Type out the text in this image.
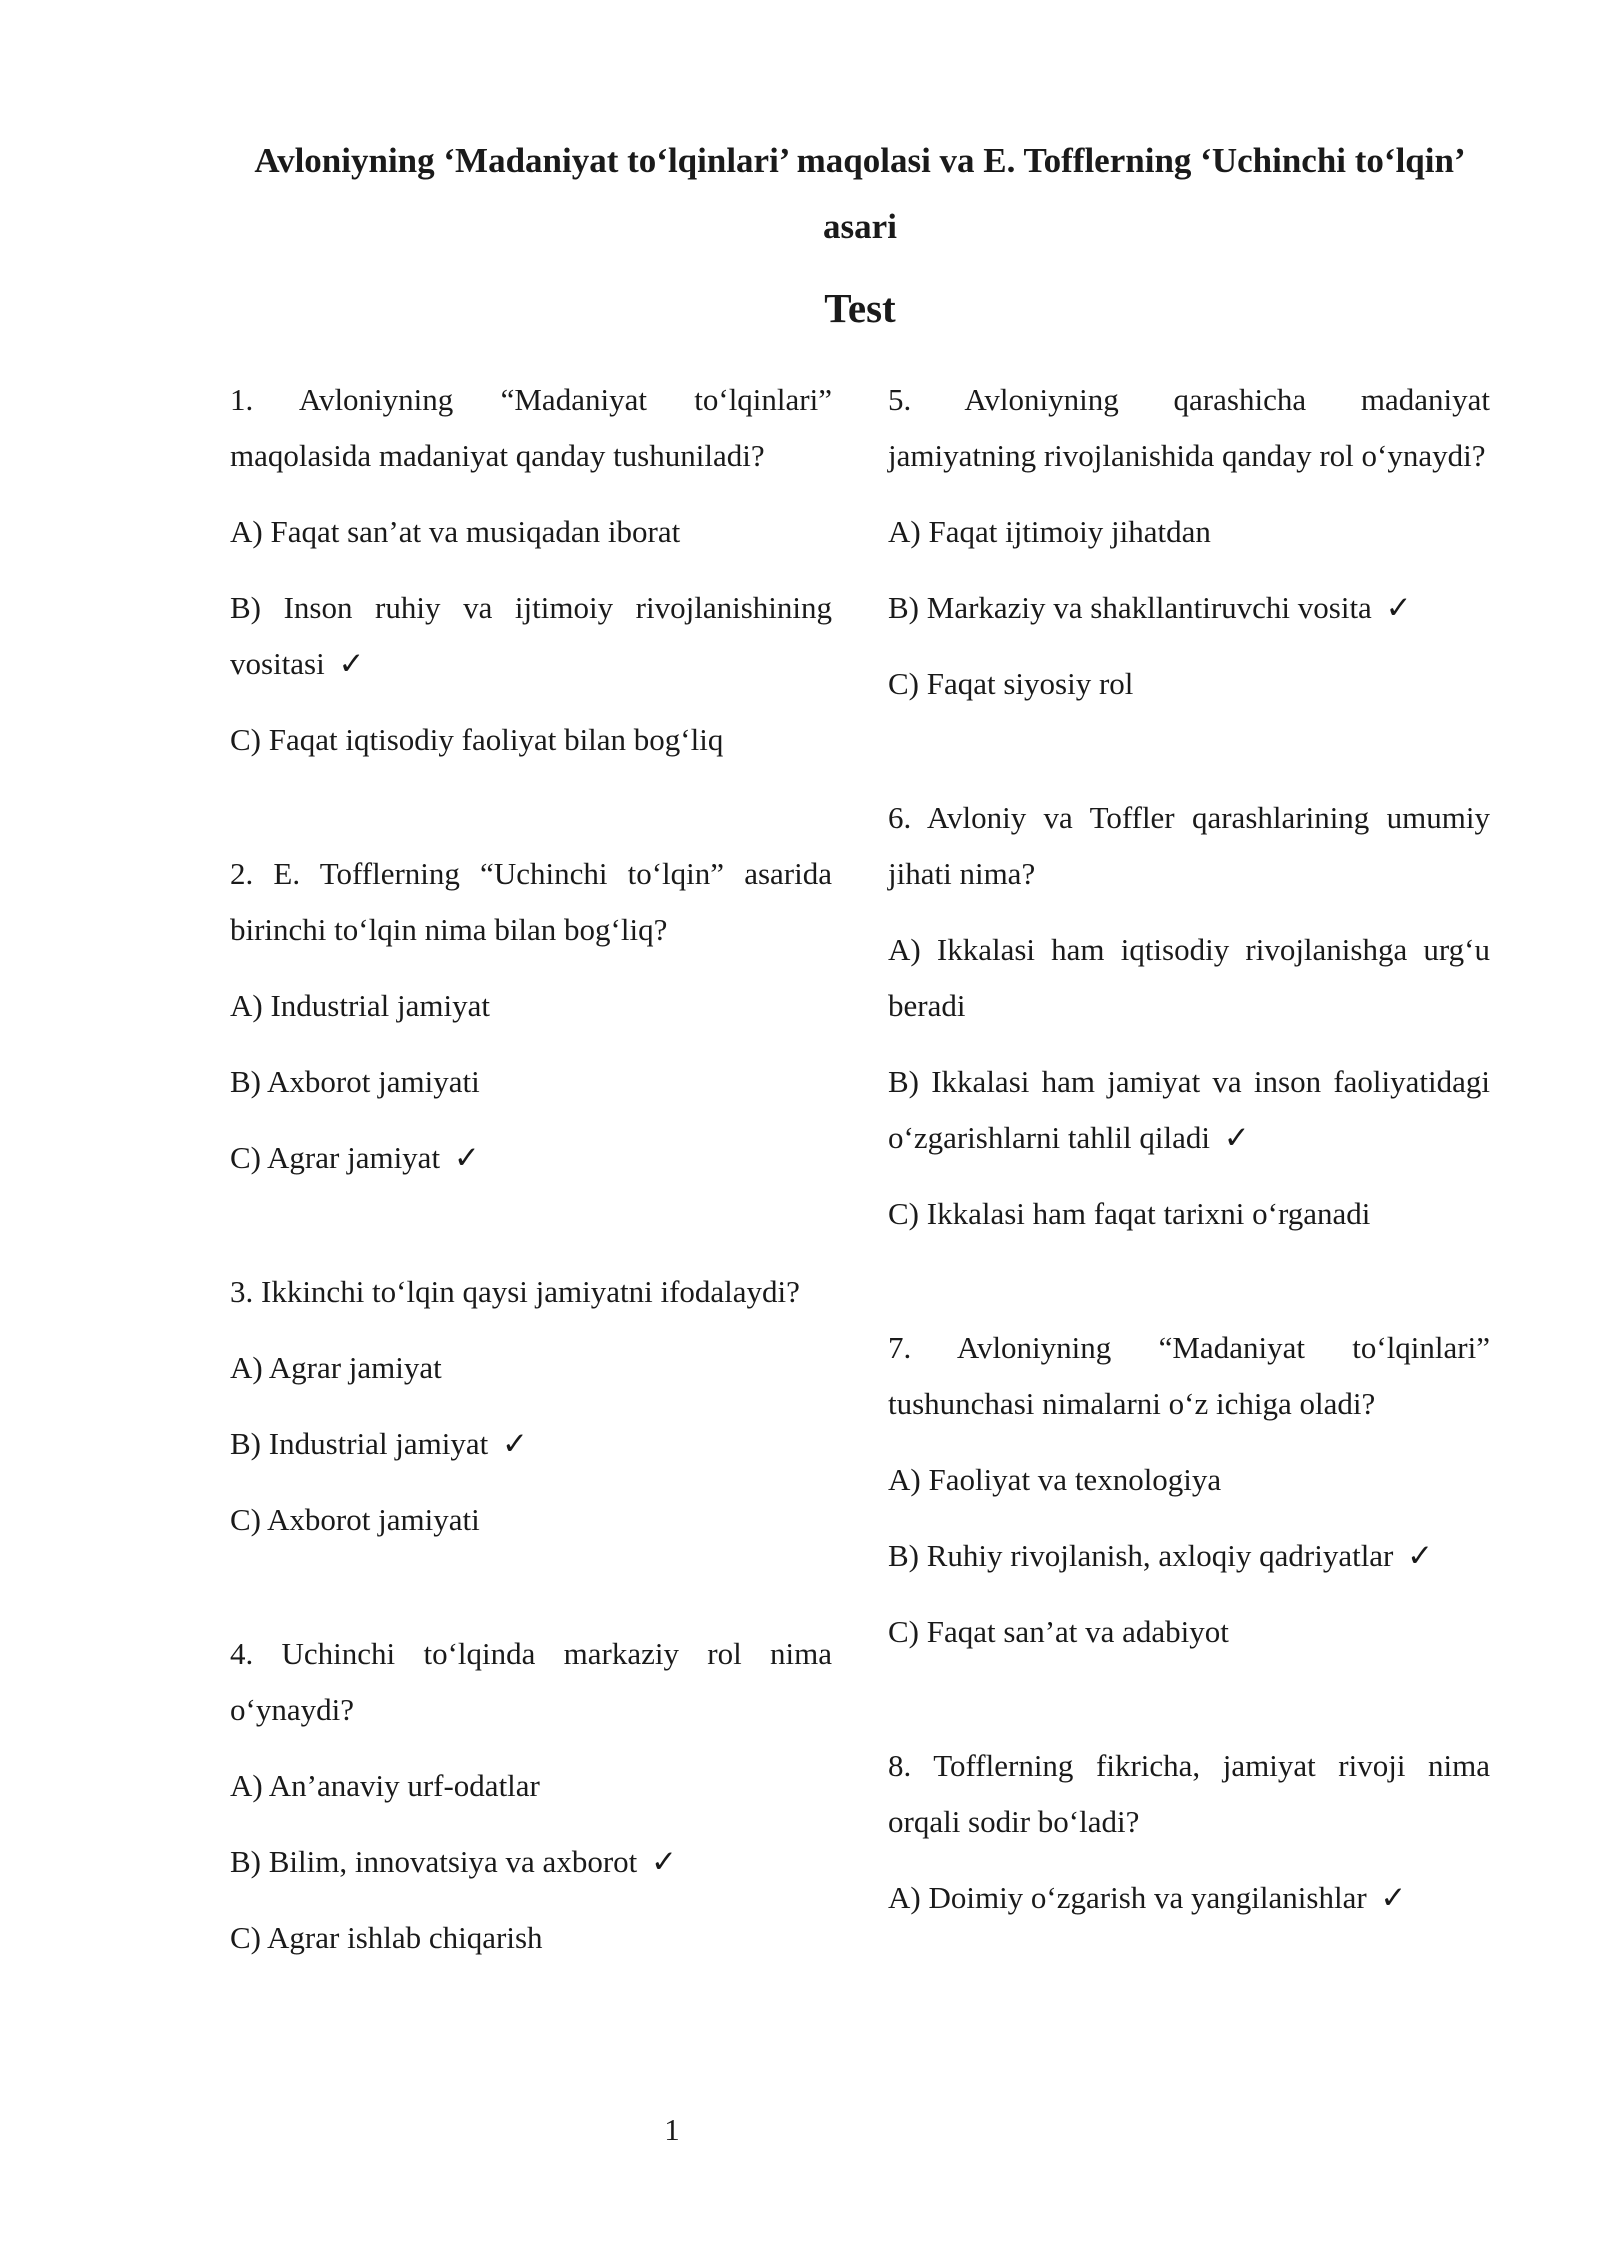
Avloniyning ‘Madaniyat to‘lqinlari’ maqolasi va E. Tofflerning ‘Uchinchi to‘lqin’ asari
Test

1. Avloniyning “Madaniyat to‘lqinlari” maqolasida madaniyat qanday tushuniladi?

A) Faqat san’at va musiqadan iborat

B) Inson ruhiy va ijtimoiy rivojlanishining vositasi ✓

C) Faqat iqtisodiy faoliyat bilan bog‘liq

2. E. Tofflerning “Uchinchi to‘lqin” asarida birinchi to‘lqin nima bilan bog‘liq?

A) Industrial jamiyat

B) Axborot jamiyati

C) Agrar jamiyat ✓

3. Ikkinchi to‘lqin qaysi jamiyatni ifodalaydi?

A) Agrar jamiyat

B) Industrial jamiyat ✓

C) Axborot jamiyati

4. Uchinchi to‘lqinda markaziy rol nima o‘ynaydi?

A) An’anaviy urf-odatlar

B) Bilim, innovatsiya va axborot ✓

C) Agrar ishlab chiqarish

5. Avloniyning qarashicha madaniyat jamiyatning rivojlanishida qanday rol o‘ynaydi?

A) Faqat ijtimoiy jihatdan

B) Markaziy va shakllantiruvchi vosita ✓

C) Faqat siyosiy rol

6. Avloniy va Toffler qarashlarining umumiy jihati nima?

A) Ikkalasi ham iqtisodiy rivojlanishga urg‘u beradi

B) Ikkalasi ham jamiyat va inson faoliyatidagi o‘zgarishlarni tahlil qiladi ✓

C) Ikkalasi ham faqat tarixni o‘rganadi

7. Avloniyning “Madaniyat to‘lqinlari” tushunchasi nimalarni o‘z ichiga oladi?

A) Faoliyat va texnologiya

B) Ruhiy rivojlanish, axloqiy qadriyatlar ✓

C) Faqat san’at va adabiyot

8. Tofflerning fikricha, jamiyat rivoji nima orqali sodir bo‘ladi?

A) Doimiy o‘zgarish va yangilanishlar ✓

1
